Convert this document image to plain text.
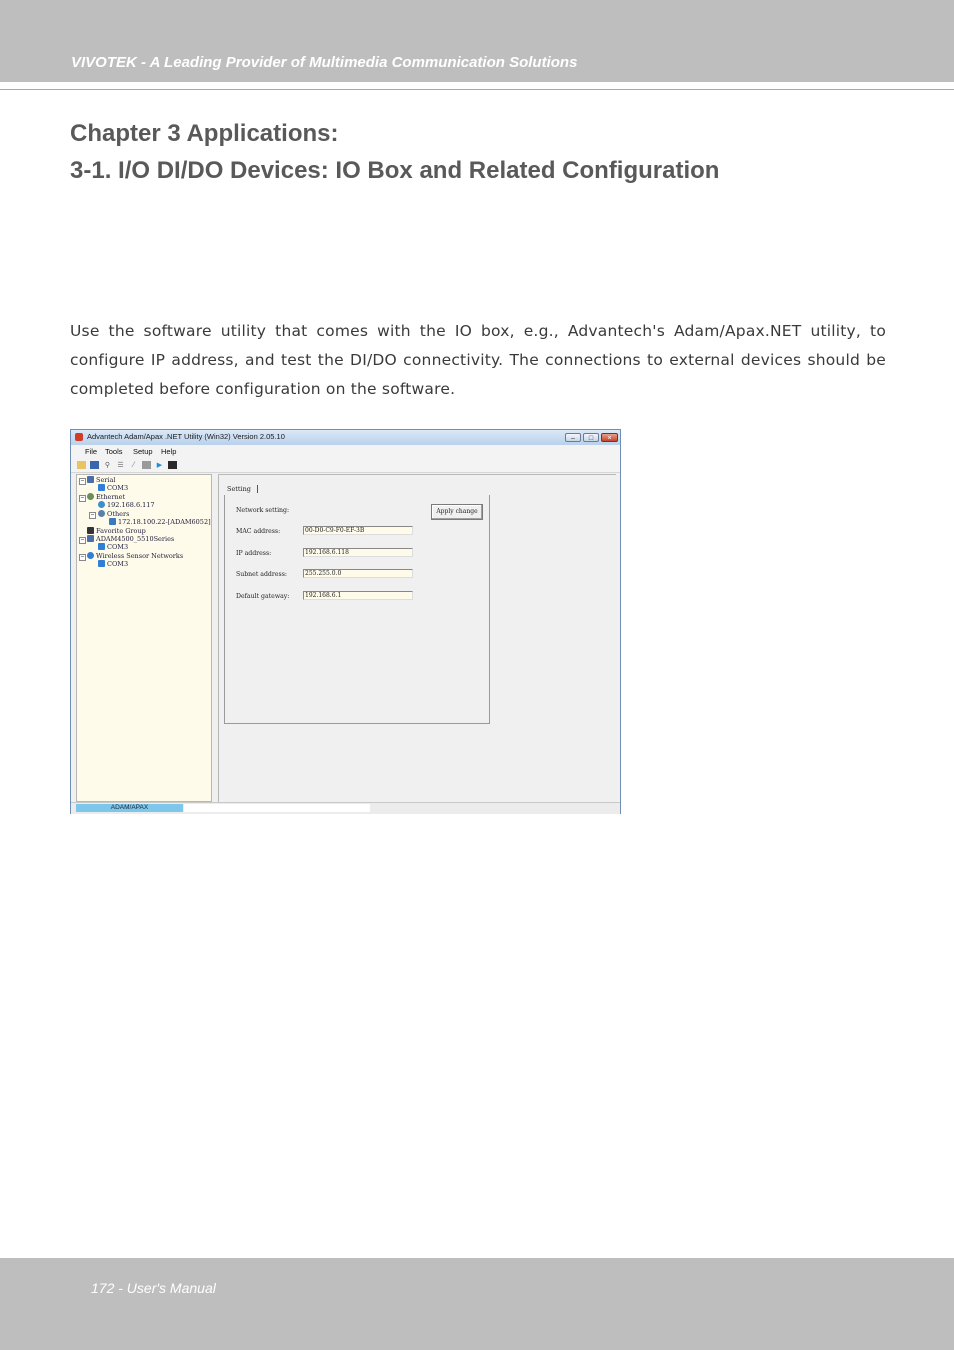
VIVOTEK - A Leading Provider of Multimedia Communication Solutions
Chapter 3 Applications:
3-1. I/O DI/DO Devices: IO Box and Related Configuration
Use the software utility that comes with the IO box, e.g., Advantech's Adam/Apax.NET utility, to configure IP address, and test the DI/DO connectivity. The connections to external devices should be completed before configuration on the software.
Advantech Adam/Apax .NET Utility (Win32) Version 2.05.10	–	□	×
File Tools Setup Help
⚲ ☰	⁄	▶
−	Serial
COM3
−	Ethernet
192.168.6.117
−	Others
172.18.100.22-[ADAM6052]
Favorite Group
−	ADAM4500_5510Series
COM3
−	Wireless Sensor Networks
COM3
Setting
Network setting:	Apply change
MAC address:	00-D0-C9-F0-EF-3B
IP address:	192.168.6.118
Subnet address:	255.255.0.0
Default gateway:	192.168.6.1
ADAM/APAX
172 - User's Manual
